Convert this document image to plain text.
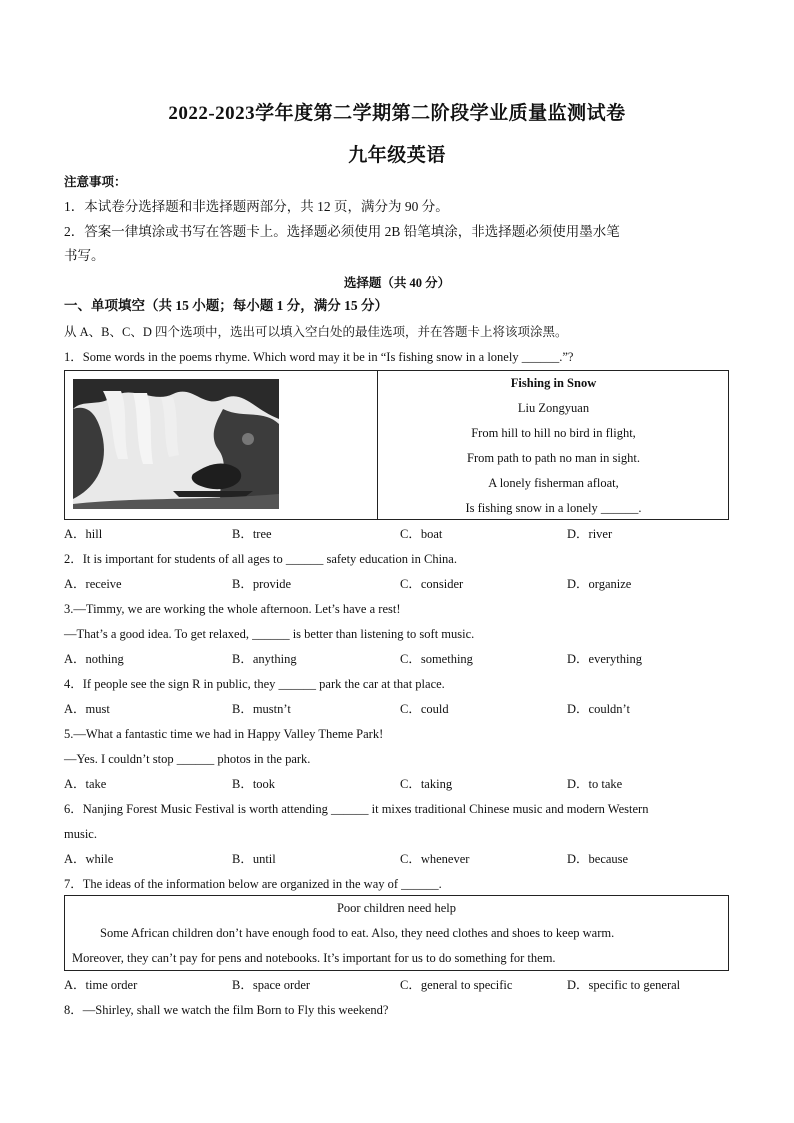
2022-2023学年度第二学期第二阶段学业质量监测试卷
九年级英语
注意事项：
1．本试卷分选择题和非选择题两部分，共 12 页，满分为 90 分。
2．答案一律填涂或书写在答题卡上。选择题必须使用 2B 铅笔填涂，非选择题必须使用墨水笔
书写。
选择题（共 40 分）
一、单项填空（共 15 小题；每小题 1 分，满分 15 分）
从 A、B、C、D 四个选项中，选出可以填入空白处的最佳选项，并在答题卡上将该项涂黑。
1．Some words in the poems rhyme. Which word may it be in “Is fishing snow in a lonely ______.”?
Fishing in Snow
Liu Zongyuan
From hill to hill no bird in flight,
From path to path no man in sight.
A lonely fisherman afloat,
Is fishing snow in a lonely ______.
A．hill	B．tree	C．boat	D．river
2．It is important for students of all ages to ______ safety education in China.
A．receive	B．provide	C．consider	D．organize
3.—Timmy, we are working the whole afternoon. Let’s have a rest!
—That’s a good idea. To get relaxed, ______ is better than listening to soft music.
A．nothing	B．anything	C．something	D．everything
4．If people see the sign R in public, they ______ park the car at that place.
A．must	B．mustn’t	C．could	D．couldn’t
5.—What a fantastic time we had in Happy Valley Theme Park!
—Yes. I couldn’t stop ______ photos in the park.
A．take	B．took	C．taking	D．to take
6．Nanjing Forest Music Festival is worth attending ______ it mixes traditional Chinese music and modern Western
music.
A．while	B．until	C．whenever	D．because
7．The ideas of the information below are organized in the way of ______.
Poor children need help
Some African children don’t have enough food to eat. Also, they need clothes and shoes to keep warm.
Moreover, they can’t pay for pens and notebooks. It’s important for us to do something for them.
A．time order	B．space order	C．general to specific	D．specific to general
8．—Shirley, shall we watch the film Born to Fly this weekend?
